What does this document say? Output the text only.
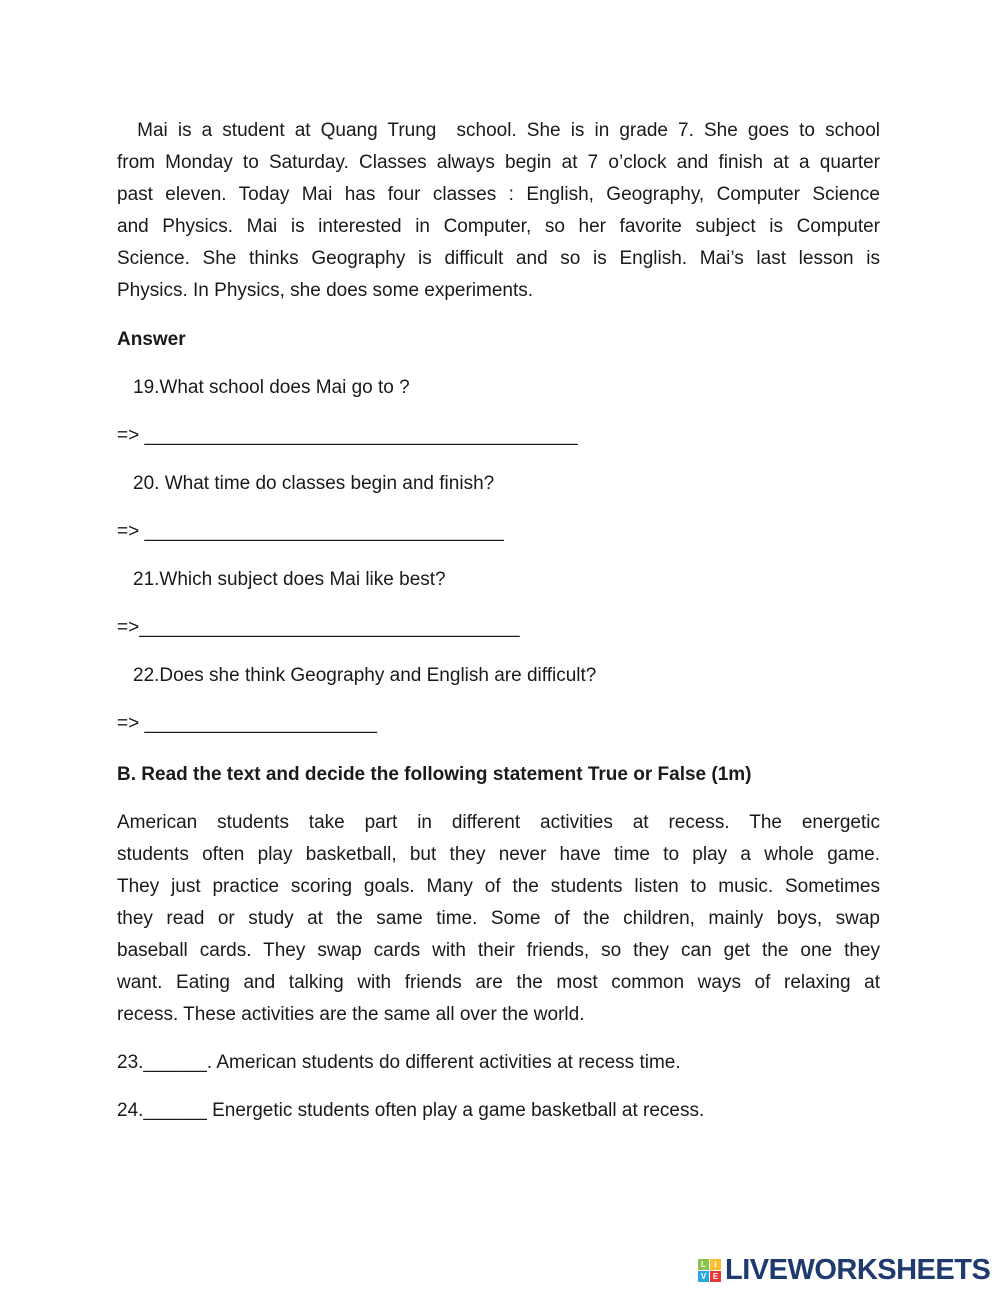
Mai is a student at Quang Trung  school. She is in grade 7. She goes to school
from Monday to Saturday. Classes always begin at 7 o’clock and finish at a quarter
past eleven. Today Mai has four classes : English, Geography, Computer Science
and Physics. Mai is interested in Computer, so her favorite subject is Computer
Science. She thinks Geography is difficult and so is English. Mai’s last lesson is
Physics. In Physics, she does some experiments.
Answer
19.What school does Mai go to ?
=> _________________________________________
20. What time do classes begin and finish?
=> __________________________________
21.Which subject does Mai like best?
=>____________________________________
22.Does she think Geography and English are difficult?
=> ______________________
B. Read the text and decide the following statement True or False (1m)
American students take part in different activities at recess. The energetic
students often play basketball, but they never have time to play a whole game.
They just practice scoring goals. Many of the students listen to music. Sometimes
they read or study at the same time. Some of the children, mainly boys, swap
baseball cards. They swap cards with their friends, so they can get the one they
want. Eating and talking with friends are the most common ways of relaxing at
recess. These activities are the same all over the world.
23.______. American students do different activities at recess time.
24.______ Energetic students often play a game basketball at recess.
L	I
V E LIVEWORKSHEETS
